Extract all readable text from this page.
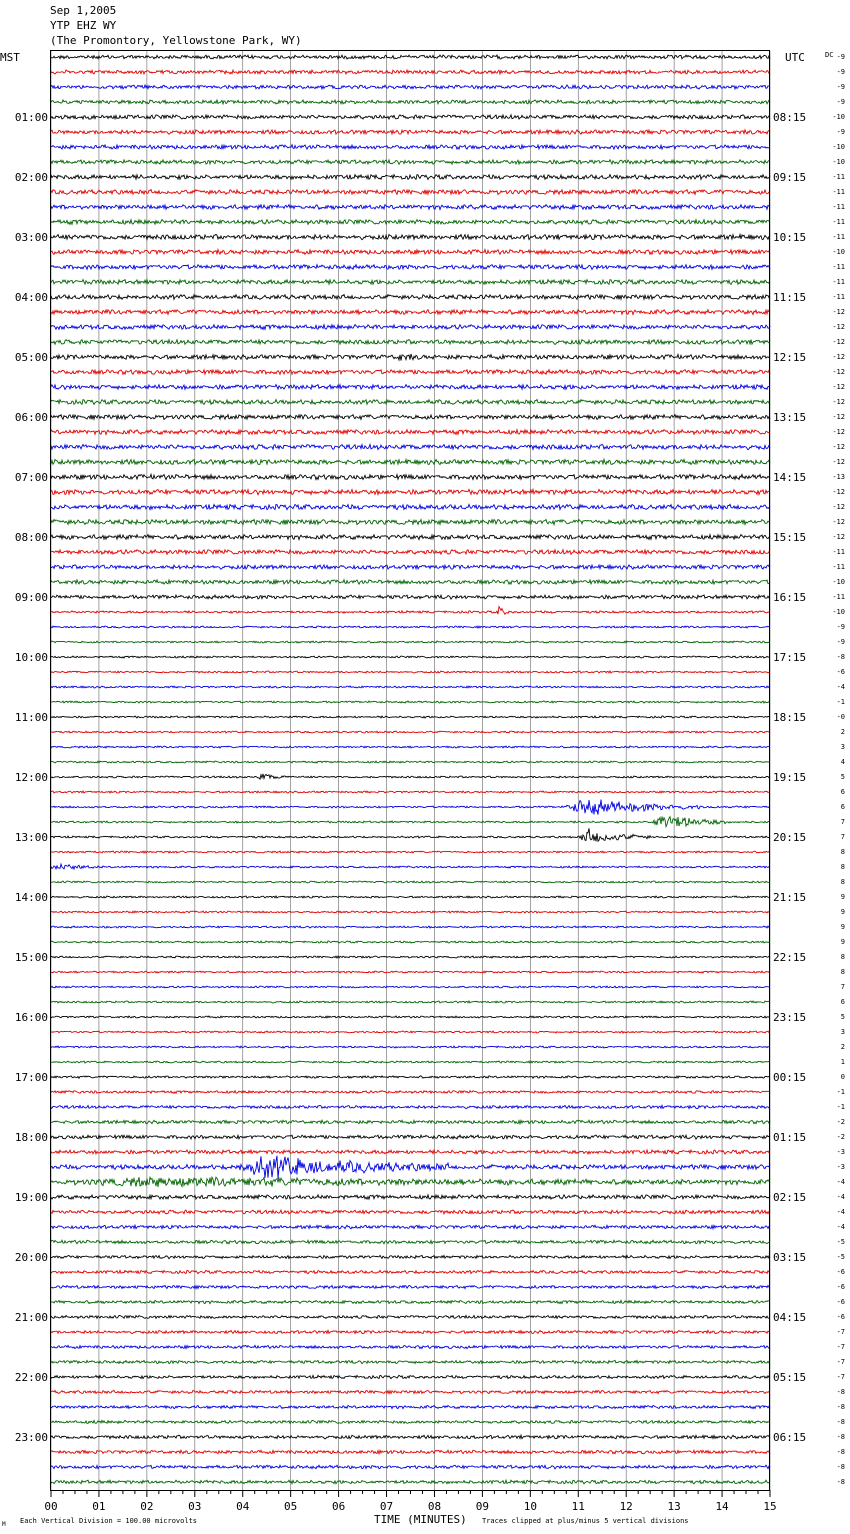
Sep 1,2005
YTP EHZ WY
(The Promontory, Yellowstone Park, WY)
00	01	02	03	04	05	06	07	08	09	10	11	12	13	14	15
-9
-9
-9
-9
-10
01:00	08:15
-9
-10
-10
-11
02:00	09:15
-11
-11
-11
-11
03:00	10:15
-10
-11
-11
-11
04:00	11:15
-12
-12
-12
-12
05:00	12:15
-12
-12
-12
-12
06:00	13:15
-12
-12
-12
-13
07:00	14:15
-12
-12
-12
-12
08:00	15:15
-11
-11
-10
-11
09:00	16:15
-10
-9
-9
-8
10:00	17:15
-6
-4
-1
-0
11:00	18:15
2
3
4
5
12:00	19:15
6
6
7
7
13:00	20:15
8
8
8
9
14:00	21:15
9
9
9
8
15:00	22:15
8
7
6
5
16:00	23:15
3
2
1
0
17:00	00:15
-1
-1
-2
-2
18:00	01:15
-3
-3
-4
-4
19:00	02:15
-4
-4
-5
-5
20:00	03:15
-6
-6
-6
-6
21:00	04:15
-7
-7
-7
-7
22:00	05:15
-8
-8
-8
-8
23:00	06:15
-8
-8
-8
MST	UTC	DC
TIME (MINUTES)
Each Vertical Division = 100.00 microvolts	Traces clipped at plus/minus 5 vertical divisions
M
